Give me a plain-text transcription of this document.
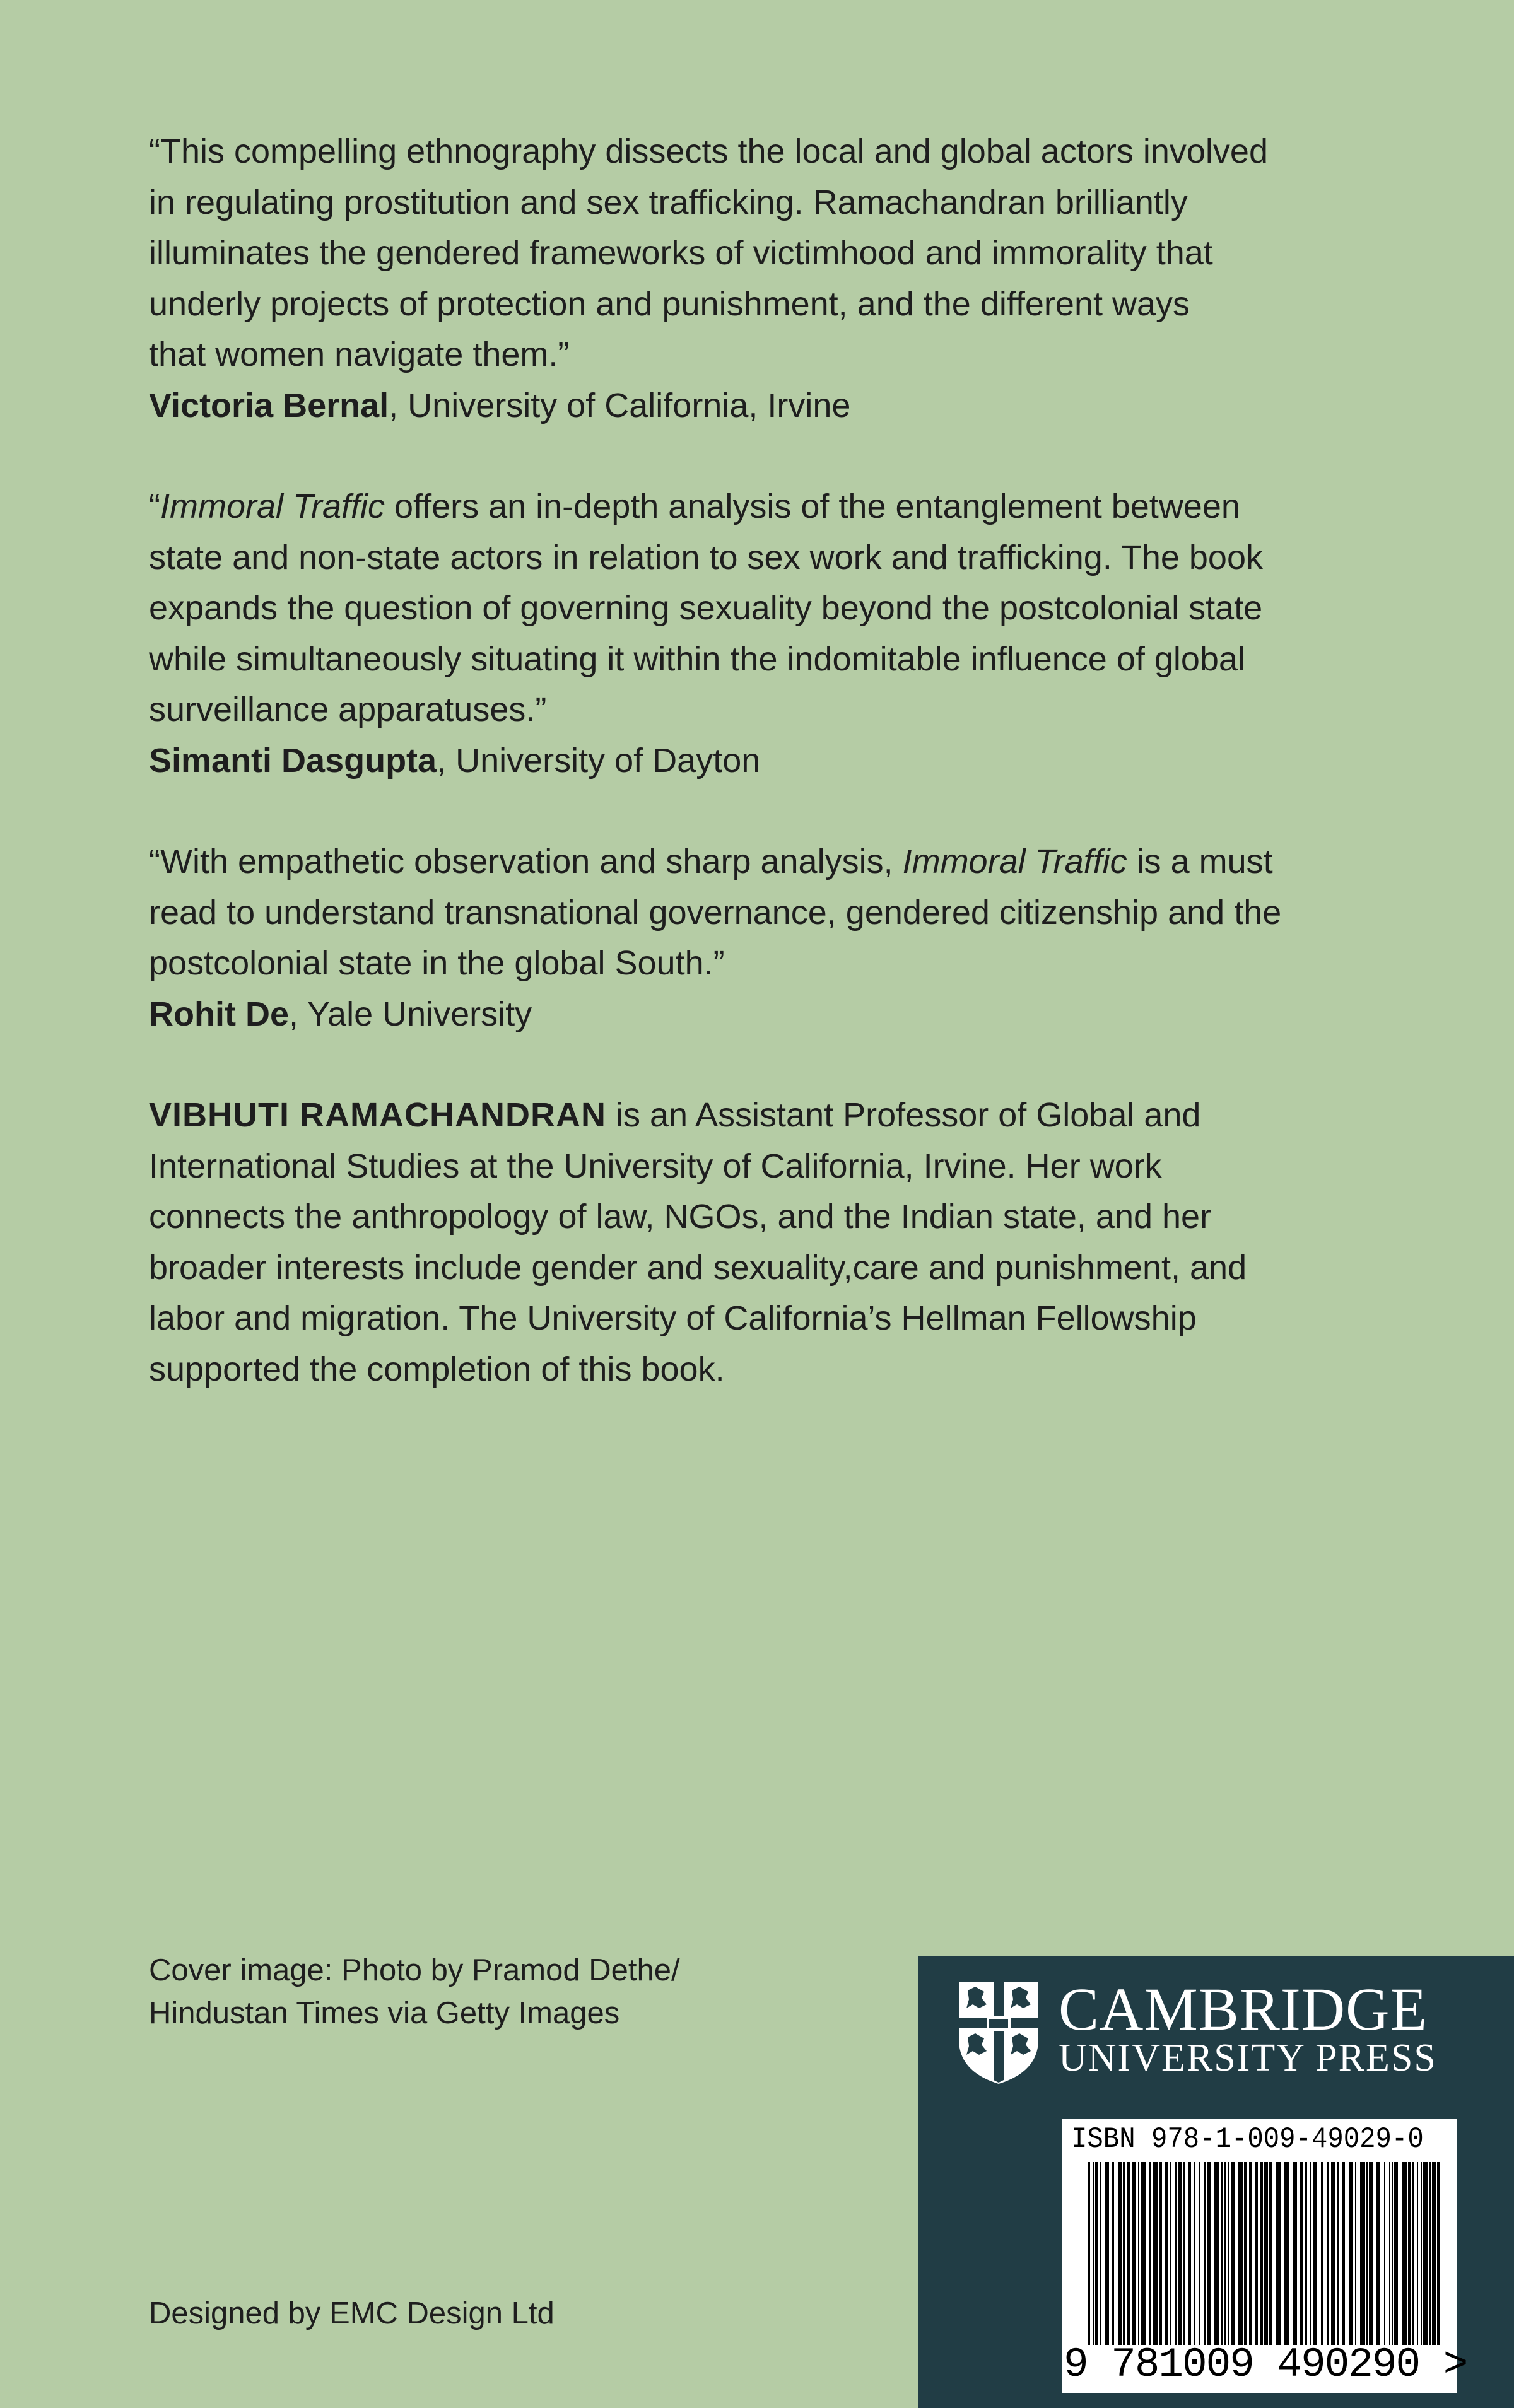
“This compelling ethnography dissects the local and global actors involved

in regulating prostitution and sex trafficking. Ramachandran brilliantly

illuminates the gendered frameworks of victimhood and immorality that

underly projects of protection and punishment, and the different ways

that women navigate them.”

Victoria Bernal, University of California, Irvine

“Immoral Traffic offers an in-depth analysis of the entanglement between

state and non-state actors in relation to sex work and trafficking. The book

expands the question of governing sexuality beyond the postcolonial state

while simultaneously situating it within the indomitable influence of global

surveillance apparatuses.”

Simanti Dasgupta, University of Dayton

“With empathetic observation and sharp analysis, Immoral Traffic is a must

read to understand transnational governance, gendered citizenship and the

postcolonial state in the global South.”

Rohit De, Yale University

VIBHUTI RAMACHANDRAN is an Assistant Professor of Global and

International Studies at the University of California, Irvine. Her work

connects the anthropology of law, NGOs, and the Indian state, and her

broader interests include gender and sexuality,care and punishment, and

labor and migration. The University of California’s Hellman Fellowship

supported the completion of this book.

Cover image: Photo by Pramod Dethe/
Hindustan Times via Getty Images
Designed by EMC Design Ltd
CAMBRIDGE
UNIVERSITY PRESS
ISBN 978-1-009-49029-0
9 781009 490290 >
